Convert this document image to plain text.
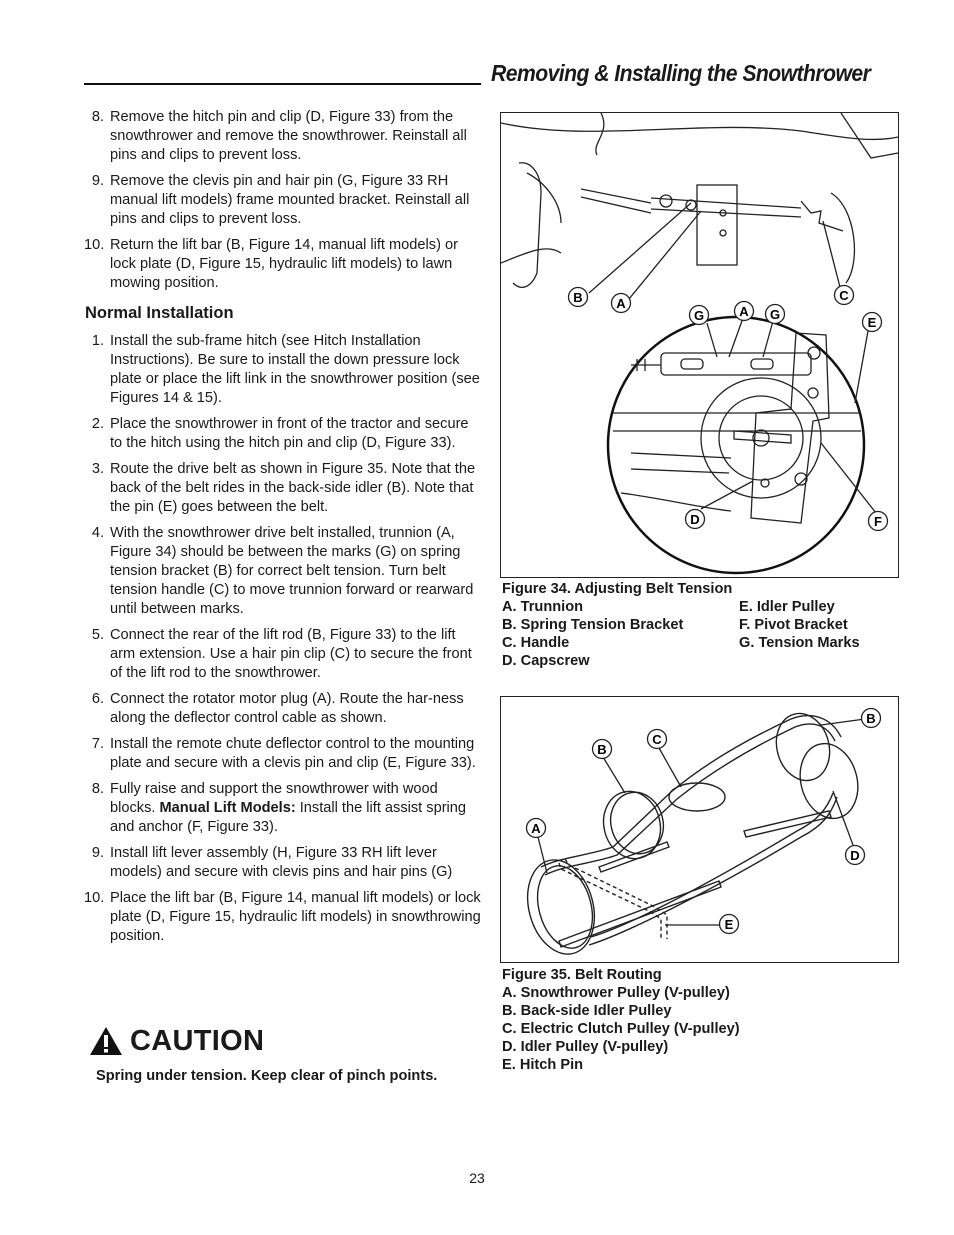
Removing & Installing the Snowthrower
8. Remove the hitch pin and clip (D, Figure 33) from the snowthrower and remove the snowthrower. Reinstall all pins and clips to prevent loss.
9. Remove the clevis pin and hair pin (G, Figure 33 RH manual lift models) frame mounted bracket. Reinstall all pins and clips to prevent loss.
10. Return the lift bar (B, Figure 14, manual lift models) or lock plate (D, Figure 15, hydraulic lift models) to lawn mowing position.
Normal Installation
1. Install the sub-frame hitch (see Hitch Installation Instructions). Be sure to install the down pressure lock plate or place the lift link in the snowthrower position (see Figures 14 & 15).
2. Place the snowthrower in front of the tractor and secure to the hitch using the hitch pin and clip (D, Figure 33).
3. Route the drive belt as shown in Figure 35. Note that the back of the belt rides in the back-side idler (B). Note that the pin (E) goes between the belt.
4. With the snowthrower drive belt installed, trunnion (A, Figure 34) should be between the marks (G) on spring tension bracket (B) for correct belt tension. Turn belt tension handle (C) to move trunnion forward or rearward until between marks.
5. Connect the rear of the lift rod (B, Figure 33) to the lift arm extension. Use a hair pin clip (C) to secure the front of the lift rod to the snowthrower.
6. Connect the rotator motor plug (A). Route the har-ness along the deflector control cable as shown.
7. Install the remote chute deflector control to the mounting plate and secure with a clevis pin and clip (E, Figure 33).
8. Fully raise and support the snowthrower with wood blocks. Manual Lift Models: Install the lift assist spring and anchor (F, Figure 33).
9. Install lift lever assembly (H, Figure 33 RH lift lever models) and secure with clevis pins and hair pins (G)
10. Place the lift bar (B, Figure 14, manual lift models) or lock plate (D, Figure 15, hydraulic lift models) in snowthrowing position.
CAUTION
Spring under tension. Keep clear of pinch points.
B	A
C
G	A G
E
D	F
Figure 34. Adjusting Belt Tension
A. Trunnion
B. Spring Tension Bracket
C. Handle
D. Capscrew
E. Idler Pulley
F. Pivot Bracket
G. Tension Marks
B
C
B
A
D
E
Figure 35. Belt Routing
A. Snowthrower Pulley (V-pulley)
B. Back-side Idler Pulley
C. Electric Clutch Pulley (V-pulley)
D. Idler Pulley (V-pulley)
E. Hitch Pin
23
